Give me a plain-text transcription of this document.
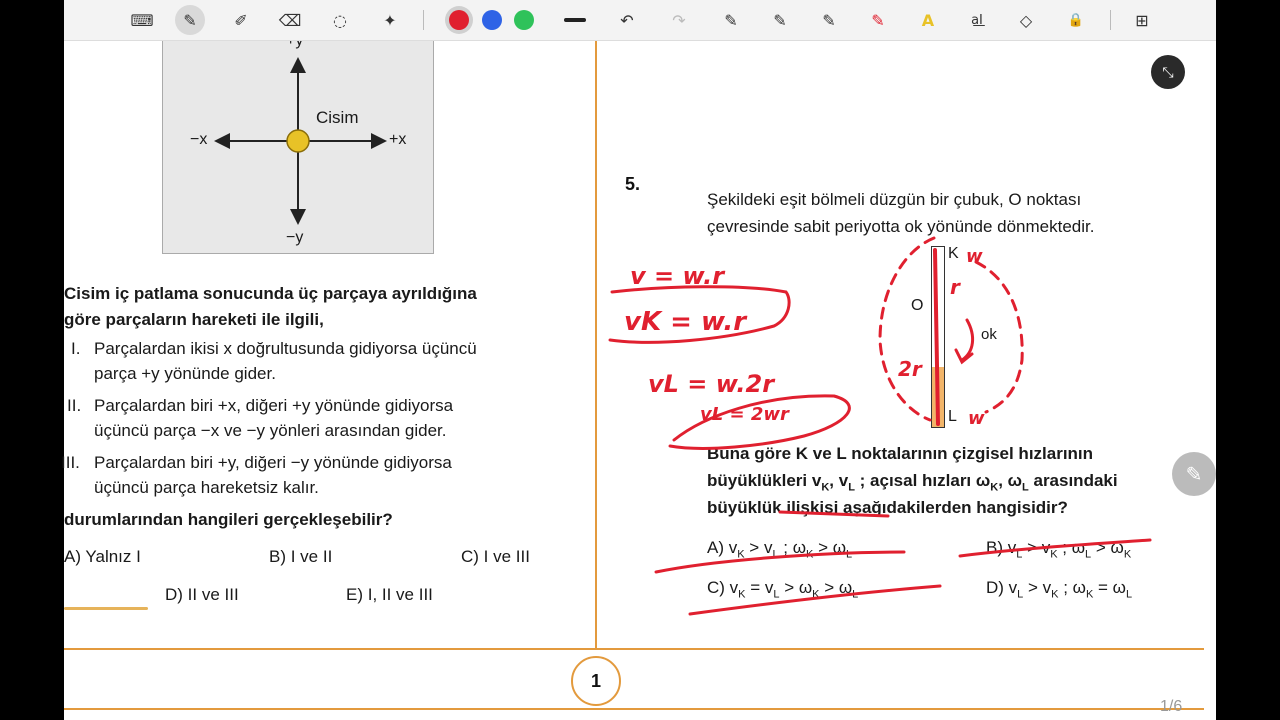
−y
−x	+x
Cisim
Cisim iç patlama sonucunda üç parçaya ayrıldığına
göre parçaların hareketi ile ilgili,
I. Parçalardan ikisi x doğrultusunda gidiyorsa üçüncü
parça +y yönünde gider.
II. Parçalardan biri +x, diğeri +y yönünde gidiyorsa
üçüncü parça −x ve −y yönleri arasından gider.
III. Parçalardan biri +y, diğeri −y yönünde gidiyorsa
üçüncü parça hareketsiz kalır.
durumlarından hangileri gerçekleşebilir?
A) Yalnız I	B) I ve II	C) I ve III
D) II ve III	E) I, II ve III
1
1/6
5.
Şekildeki eşit bölmeli düzgün bir çubuk, O noktası
çevresinde sabit periyotta ok yönünde dönmektedir.
K
L
O
ok
Buna göre K ve L noktalarının çizgisel hızlarının
büyüklükleri $v_K$, $v_L$ ; açısal hızları $\omega_K$, $\omega_L$ arasındaki
büyüklük ilişkisi aşağıdakilerden hangisidir?
A) $v_K > v_L$ ; $\omega_K > \omega_L$	B) $v_L > v_K$ ; $\omega_L > \omega_K$
C) $v_K = v_L > \omega_K > \omega_L$	D) $v_L > v_K$ ; $\omega_K = \omega_L$
v = w.r
vK = w.r
vL = w.2r
vL = 2wr
r
2r
w
w
⤡
✎
⌨	✎	✐	⌫	◌	✦	↶	↷	✎	✎	✎	✎	A	a͟I	◇	🔒	⊞
